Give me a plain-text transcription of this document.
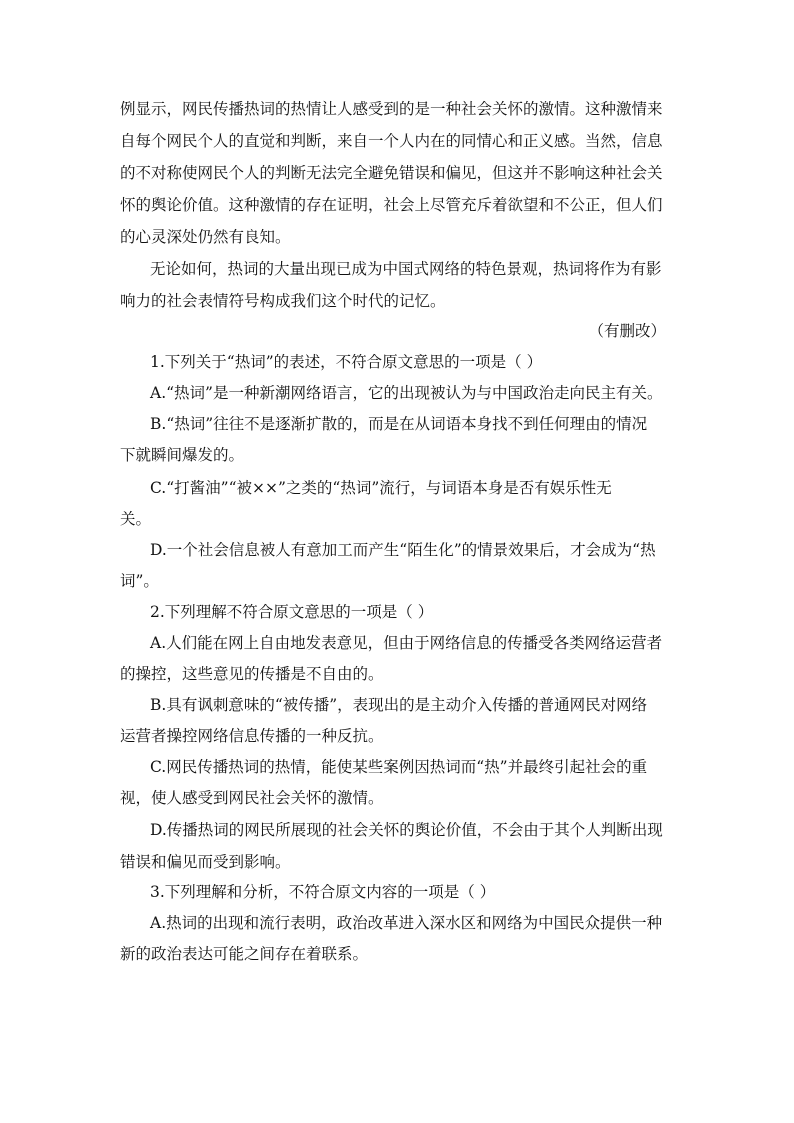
例显示，网民传播热词的热情让人感受到的是一种社会关怀的激情。这种激情来
自每个网民个人的直觉和判断，来自一个人内在的同情心和正义感。当然，信息
的不对称使网民个人的判断无法完全避免错误和偏见，但这并不影响这种社会关
怀的舆论价值。这种激情的存在证明，社会上尽管充斥着欲望和不公正，但人们
的心灵深处仍然有良知。
无论如何，热词的大量出现已成为中国式网络的特色景观，热词将作为有影
响力的社会表情符号构成我们这个时代的记忆。
（有删改）
1.下列关于“热词”的表述，不符合原文意思的一项是（ ）
A.“热词”是一种新潮网络语言，它的出现被认为与中国政治走向民主有关。
B.“热词”往往不是逐渐扩散的，而是在从词语本身找不到任何理由的情况
下就瞬间爆发的。
C.“打酱油”“被××”之类的“热词”流行，与词语本身是否有娱乐性无
关。
D.一个社会信息被人有意加工而产生“陌生化”的情景效果后，才会成为“热
词”。
2.下列理解不符合原文意思的一项是（ ）
A.人们能在网上自由地发表意见，但由于网络信息的传播受各类网络运营者
的操控，这些意见的传播是不自由的。
B.具有讽刺意味的“被传播”，表现出的是主动介入传播的普通网民对网络
运营者操控网络信息传播的一种反抗。
C.网民传播热词的热情，能使某些案例因热词而“热”并最终引起社会的重
视，使人感受到网民社会关怀的激情。
D.传播热词的网民所展现的社会关怀的舆论价值，不会由于其个人判断出现
错误和偏见而受到影响。
3.下列理解和分析，不符合原文内容的一项是（ ）
A.热词的出现和流行表明，政治改革进入深水区和网络为中国民众提供一种
新的政治表达可能之间存在着联系。
